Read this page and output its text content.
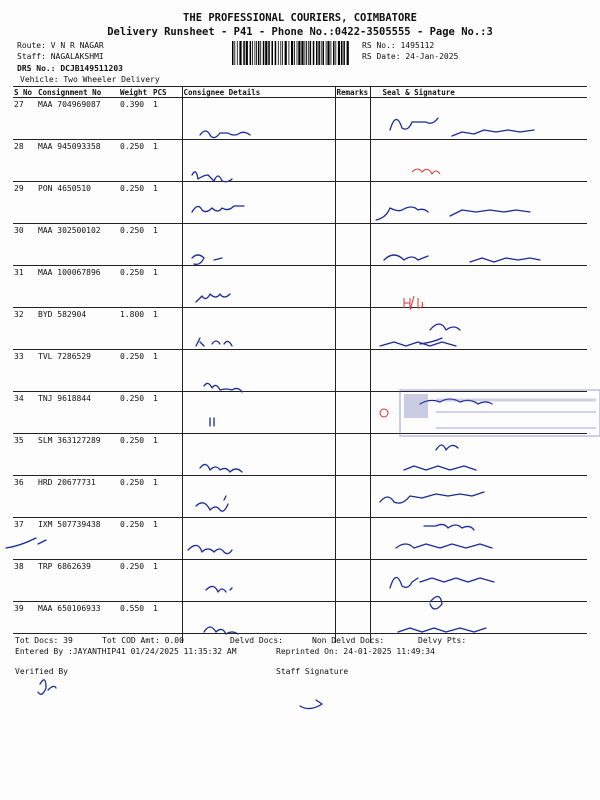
THE PROFESSIONAL COURIERS, COIMBATORE
Delivery Runsheet - P41 - Phone No.:0422-3505555 - Page No.:3
Route: V N R NAGAR
Staff: NAGALAKSHMI
DRS No.: DCJB149511203
Vehicle: Two Wheeler Delivery
RS No.: 1495112
RS Date: 24-Jan-2025
S No	Consignment No	Weight	PCS	Consignee Details	Remarks	Seal & Signature
27	MAA 704969087	0.390	1			
28	MAA 945093358	0.250	1			
29	PON 4650510	0.250	1			
30	MAA 302500102	0.250	1			
31	MAA 100067896	0.250	1			
32	BYD 582904	1.800	1			
33	TVL 7286529	0.250	1			
34	TNJ 9618844	0.250	1			
35	SLM 363127289	0.250	1			
36	HRD 20677731	0.250	1			
37	IXM 507739438	0.250	1			
38	TRP 6862639	0.250	1			
39	MAA 650106933	0.550	1			
Tot Docs: 39	Tot COD Amt: 0.00	Delvd Docs:	Non Delvd Docs:	Delvy Pts:
Entered By :JAYANTHIP41 01/24/2025 11:35:32 AM	Reprinted On: 24-01-2025 11:49:34
Verified By	Staff Signature
